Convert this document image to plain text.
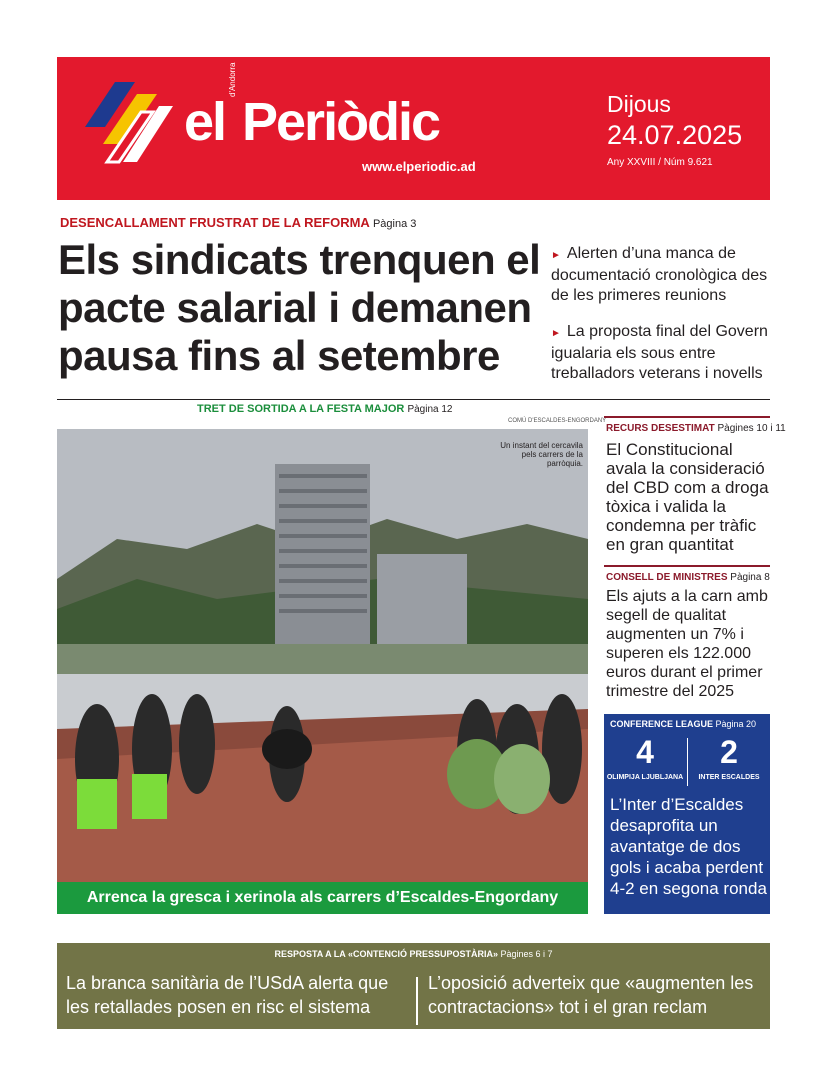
el
d'Andorra
Periòdic
www.elperiodic.ad
Dijous
24.07.2025
Any XXVIII / Núm 9.621
DESENCALLAMENT FRUSTRAT DE LA REFORMA Pàgina 3
Els sindicats trenquen el pacte salarial i demanen pausa fins al setembre
► Alerten d’una manca de documentació cronològica des de les primeres reunions
► La proposta final del Govern igualaria els sous entre treballadors veterans i novells
TRET DE SORTIDA A LA FESTA MAJOR Pàgina 12
COMÚ D'ESCALDES-ENGORDANY
Un instant del cercavila pels carrers de la parròquia.
Arrenca la gresca i xerinola als carrers d’Escaldes-Engordany
RECURS DESESTIMAT Pàgines 10 i 11
El Constitucional avala la consideració del CBD com a droga tòxica i valida la condemna per tràfic en gran quantitat
CONSELL DE MINISTRES Pàgina 8
Els ajuts a la carn amb segell de qualitat augmenten un 7% i superen els 122.000 euros durant el primer trimestre del 2025
CONFERENCE LEAGUE Pàgina 20
4
OLIMPIJA LJUBLJANA
2
INTER ESCALDES
L’Inter d’Escaldes desaprofita un avantatge de dos gols i acaba perdent 4-2 en segona ronda
RESPOSTA A LA «CONTENCIÓ PRESSUPOSTÀRIA» Pàgines 6 i 7
La branca sanitària de l’USdA alerta que les retallades posen en risc el sistema
L’oposició adverteix que «augmenten les contractacions» tot i el gran reclam
